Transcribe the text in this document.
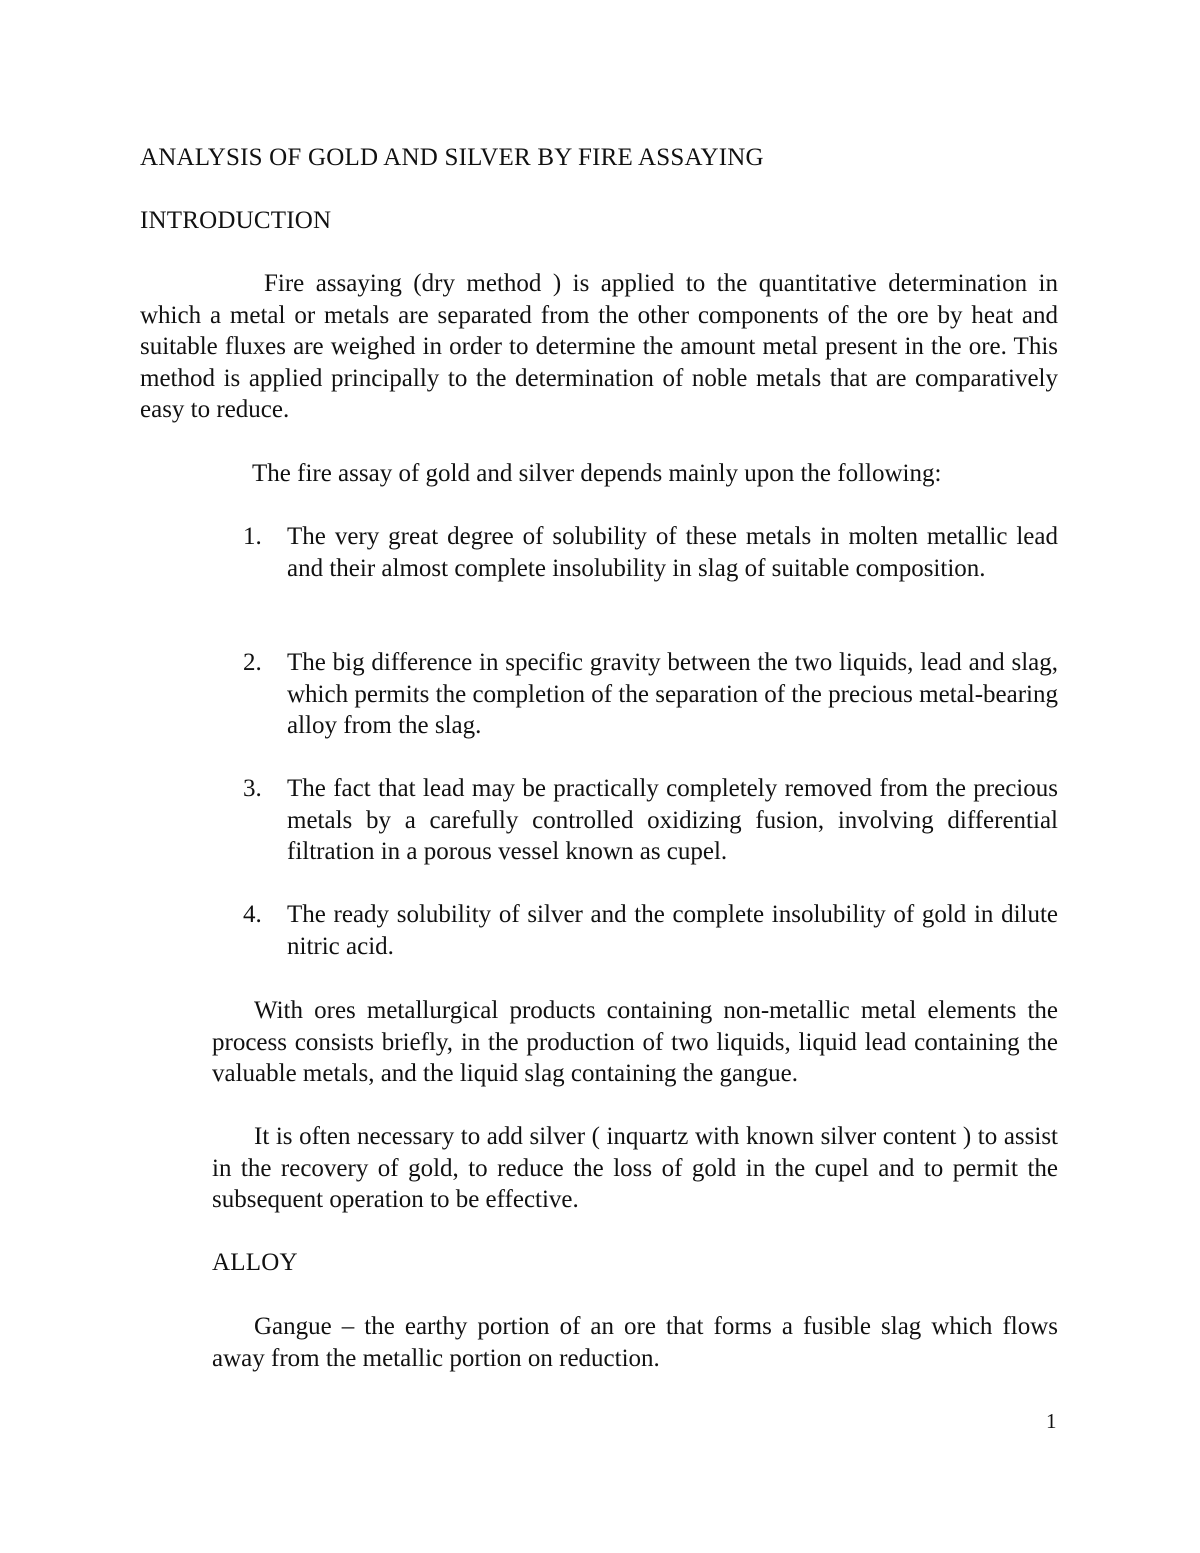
ANALYSIS OF GOLD AND SILVER BY FIRE ASSAYING
INTRODUCTION
Fire assaying (dry method ) is applied to the quantitative determination in which a metal or metals are separated from the other components of the ore by heat and suitable fluxes are weighed in order to determine the amount metal present in the ore. This method is applied principally to the determination of noble metals that are comparatively easy to reduce.
The fire assay of gold and silver depends mainly upon the following:
1.	The very great degree of solubility of these metals in molten metallic lead and their almost complete insolubility in slag of suitable composition.
2.	The big difference in specific gravity between the two liquids, lead and slag, which permits the completion of the separation of the precious metal-bearing alloy from the slag.
3.	The fact that lead may be practically completely removed from the precious metals by a carefully controlled oxidizing fusion, involving differential filtration in a porous vessel known as cupel.
4.	The ready solubility of silver and the complete insolubility of gold in dilute nitric acid.
With ores metallurgical products containing non-metallic metal elements the process consists briefly, in the production of two liquids, liquid lead containing the valuable metals, and the liquid slag containing the gangue.
It is often necessary to add silver ( inquartz with known silver content ) to assist in the recovery of gold, to reduce the loss of gold in the cupel and to permit the subsequent operation to be effective.
ALLOY
Gangue – the earthy portion of an ore that forms a fusible slag which flows away from the metallic portion on reduction.
1
